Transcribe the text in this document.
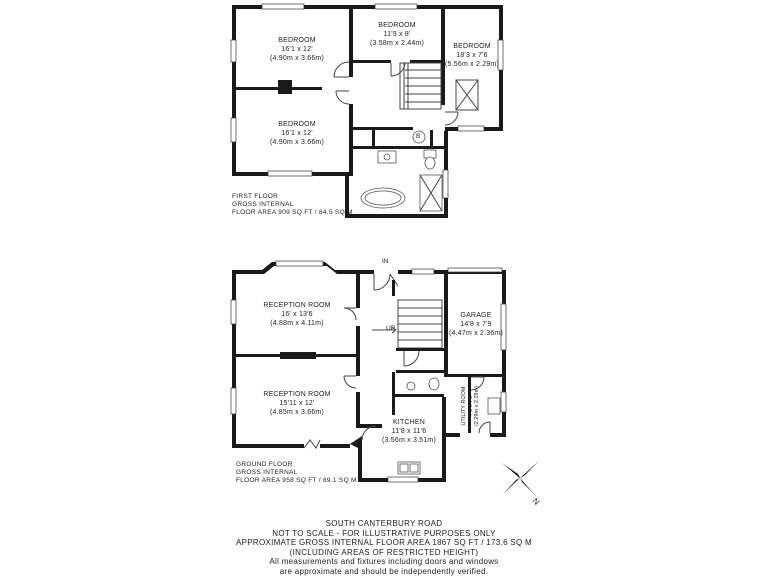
BEDROOM
16'1 x 12'
(4.90m x 3.66m)
BEDROOM
11'9 x 8'
(3.58m x 2.44m)	BEDROOM
18'3 x 7'6
(5.56m x 2.29m)
BEDROOM
16'1 x 12'
(4.90m x 3.66m)
B
FIRST FLOOR
GROSS INTERNAL
FLOOR AREA 909 SQ FT / 84.5 SQ M
RECEPTION ROOM
16' x 13'6
(4.88m x 4.11m)
RECEPTION ROOM
15'11 x 12'
(4.85m x 3.66m)
GARAGE
14'8 x 7'9
(4.47m x 2.36m)
KITCHEN
11'8 x 11'6
(3.56m x 3.51m)
UTILITY ROOM 7'6 x 7'6 (2.29m x 2.29m)
IN
UP
GROUND FLOOR
GROSS INTERNAL
FLOOR AREA 958 SQ FT / 89.1 SQ M
N
SOUTH CANTERBURY ROAD
NOT TO SCALE - FOR ILLUSTRATIVE PURPOSES ONLY
APPROXIMATE GROSS INTERNAL FLOOR AREA 1867 SQ FT / 173.6 SQ M
(INCLUDING AREAS OF RESTRICTED HEIGHT)
All measurements and fixtures including doors and windows
are approximate and should be independently verified.
